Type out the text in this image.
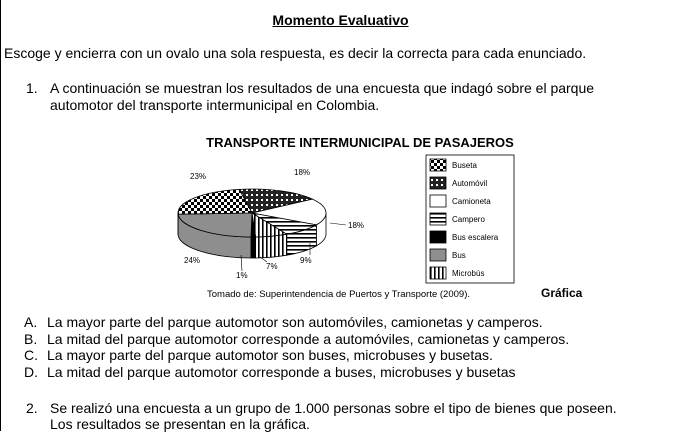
Momento Evaluativo
Escoge y encierra con un ovalo una sola respuesta, es decir la correcta para cada enunciado.
1. A continuación se muestran los resultados de una encuesta que indagó sobre el parque
automotor del transporte intermunicipal en Colombia.
TRANSPORTE INTERMUNICIPAL DE PASAJEROS
23%	18%
18%
9%
1%
24%
7%
Buseta
Automóvil
Camioneta
Campero
Bus escalera
Bus
Microbús
Tomado de: Superintendencia de Puertos y Transporte (2009).	Gráfica
A. La mayor parte del parque automotor son automóviles, camionetas y camperos.
B. La mitad del parque automotor corresponde a automóviles, camionetas y camperos.
C. La mayor parte del parque automotor son buses, microbuses y busetas.
D. La mitad del parque automotor corresponde a buses, microbuses y busetas
2. Se realizó una encuesta a un grupo de 1.000 personas sobre el tipo de bienes que poseen.
Los resultados se presentan en la gráfica.
